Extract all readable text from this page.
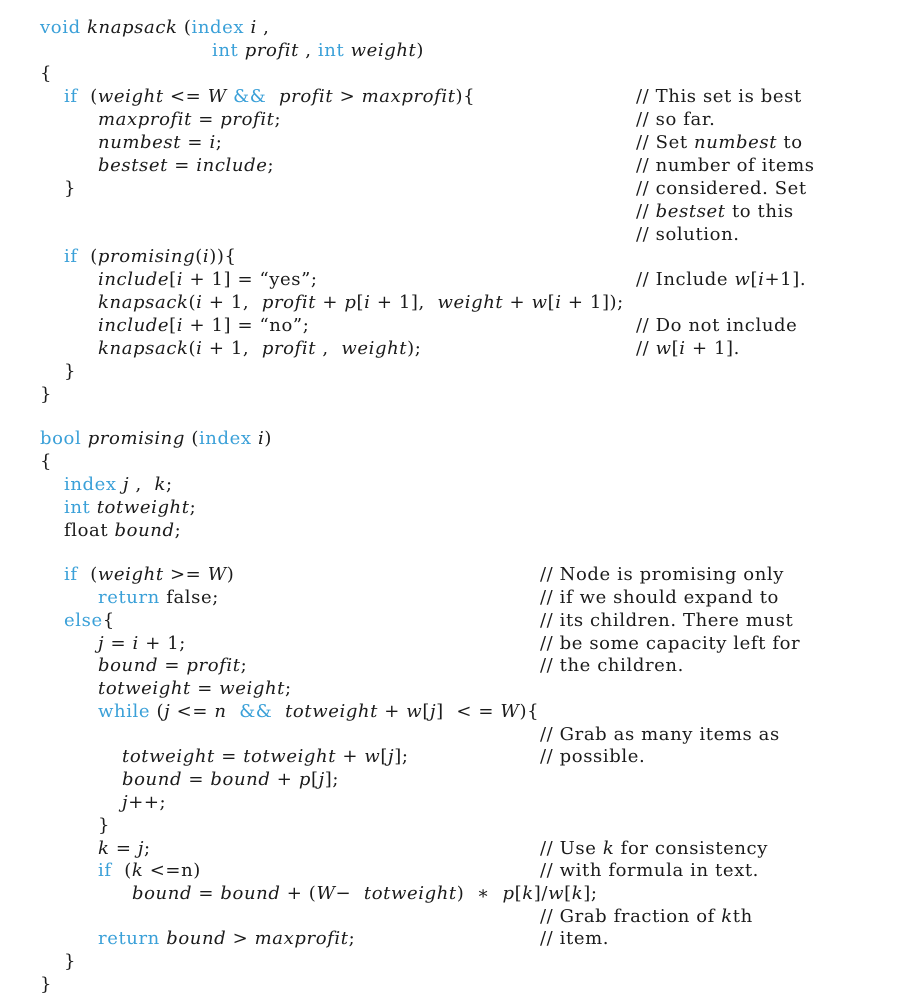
void knapsack (index i ,
int profit , int weight)
{
if  (weight <= W && profit > maxprofit){	// This set is best
maxprofit = profit;	// so far.
numbest = i;	// Set numbest to
bestset = include;	// number of items
}	// considered. Set
// bestset to this
// solution.
if  (promising(i)){
include[i + 1] = “yes”;	// Include w[i+1].
knapsack(i + 1,  profit + p[i + 1],  weight + w[i + 1]);
include[i + 1] = “no”;	// Do not include
knapsack(i + 1,  profit ,  weight);	// w[i + 1].
}
}
bool promising (index i)
{
index j ,  k;
int totweight;
float bound;
if  (weight >= W)	// Node is promising only
return false;	// if we should expand to
else{	// its children. There must
j = i + 1;	// be some capacity left for
bound = profit;	// the children.
totweight = weight;
while (j <= n && totweight + w[j]  < = W){
// Grab as many items as
totweight = totweight + w[j];	// possible.
bound = bound + p[j];
j++;
}
k = j;	// Use k for consistency
if  (k <=n)	// with formula in text.
bound = bound + (W−  totweight)  ∗  p[k]/w[k];
// Grab fraction of kth
return bound > maxprofit;	// item.
}
}
